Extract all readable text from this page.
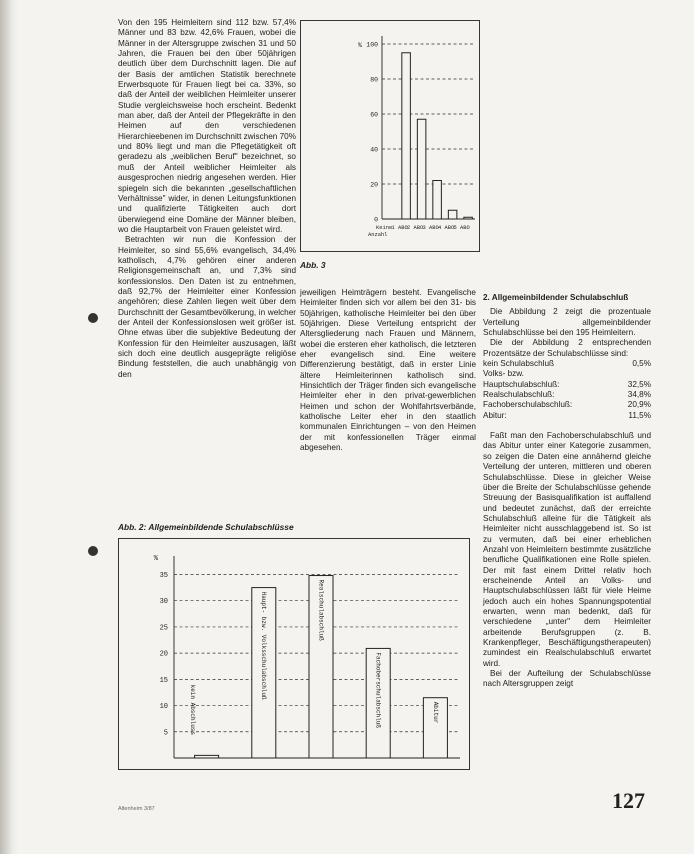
Von den 195 Heimleitern sind 112 bzw. 57,4% Männer und 83 bzw. 42,6% Frauen, wobei die Männer in der Altersgruppe zwischen 31 und 50 Jahren, die Frauen bei den über 50jährigen deutlich über dem Durchschnitt lagen. Die auf der Basis der amtlichen Statistik berechnete Erwerbsquote für Frauen liegt bei ca. 33%, so daß der Anteil der weiblichen Heimleiter unserer Studie vergleichsweise hoch erscheint. Bedenkt man aber, daß der Anteil der Pflegekräfte in den Heimen auf den verschiedenen Hierarchieebenen im Durchschnitt zwischen 70% und 80% liegt und man die Pflegetätigkeit oft geradezu als „weiblichen Beruf" bezeichnet, so muß der Anteil weiblicher Heimleiter als ausgesprochen niedrig angesehen werden. Hier spiegeln sich die bekannten „gesellschaftlichen Verhältnisse" wider, in denen Leitungsfunktionen und qualifizierte Tätigkeiten auch dort überwiegend eine Domäne der Männer bleiben, wo die Hauptarbeit von Frauen geleistet wird.

Betrachten wir nun die Konfession der Heimleiter, so sind 55,6% evangelisch, 34,4% katholisch, 4,7% gehören einer anderen Religionsgemeinschaft an, und 7,3% sind konfessionslos. Den Daten ist zu entnehmen, daß 92,7% der Heimleiter einer Konfession angehören; diese Zahlen liegen weit über dem Durchschnitt der Gesamtbevölkerung, in welcher der Anteil der Konfessionslosen weit größer ist. Ohne etwas über die subjektive Bedeutung der Konfession für den Heimleiter auszusagen, läßt sich doch eine deutlich ausgeprägte religiöse Bindung feststellen, die auch unabhängig von den

%
0
20
40
60
80
100
Keine 1 ABO 2 ABO 3 ABO 4 ABO 5 ABO
Anzahl
Abb. 3

jeweiligen Heimträgern besteht. Evangelische Heimleiter finden sich vor allem bei den 31- bis 50jährigen, katholische Heimleiter bei den über 50jährigen. Diese Verteilung entspricht der Altersgliederung nach Frauen und Männern, wobei die ersteren eher katholisch, die letzteren eher evangelisch sind. Eine weitere Differenzierung bestätigt, daß in erster Linie ältere Heimleiterinnen katholisch sind. Hinsichtlich der Träger finden sich evangelische Heimleiter eher in den privat-gewerblichen Heimen und schon der Wohlfahrtsverbände, katholische Leiter eher in den staatlich kommunalen Einrichtungen – von den Heimen der mit konfessionellen Träger einmal abgesehen.

2. Allgemeinbildender Schulabschluß

Die Abbildung 2 zeigt die prozentuale Verteilung allgemeinbildender Schulabschlüsse bei den 195 Heimleitern.

Die der Abbildung 2 entsprechenden Prozentsätze der Schulabschlüsse sind:

kein Schulabschluß	0,5%
Volks- bzw.
Hauptschulabschluß:	32,5%
Realschulabschluß:	34,8%
Fachoberschulabschluß:	20,9%
Abitur:	11,5%

Faßt man den Fachoberschulabschluß und das Abitur unter einer Kategorie zusammen, so zeigen die Daten eine annähernd gleiche Verteilung der unteren, mittleren und oberen Schulabschlüsse. Diese in gleicher Weise über die Breite der Schulabschlüsse gehende Streuung der Basisqualifikation ist auffallend und bedeutet zunächst, daß der erreichte Schulabschluß alleine für die Tätigkeit als Heimleiter nicht ausschlaggebend ist. So ist zu vermuten, daß bei einer erheblichen Anzahl von Heimleitern bestimmte zusätzliche berufliche Qualifikationen eine Rolle spielen. Der mit fast einem Drittel relativ hoch erscheinende Anteil an Volks- und Hauptschulabschlüssen läßt für viele Heime jedoch auch ein hohes Spannungspotential erwarten, wenn man bedenkt, daß für verschiedene „unter" dem Heimleiter arbeitende Berufsgruppen (z. B. Krankenpfleger, Beschäftigungstherapeuten) zumindest ein Realschulabschluß erwartet wird.

Bei der Aufteilung der Schulabschlüsse nach Altersgruppen zeigt

Abb. 2: Allgemeinbildende Schulabschlüsse
%
5
10
15
20
25
30
35
kein Abschluss
Haupt- bzw. Volksschulabschluß	Realschulabschluß
Fachoberschulabschluß	Abitur
Altenheim 3/87	127
